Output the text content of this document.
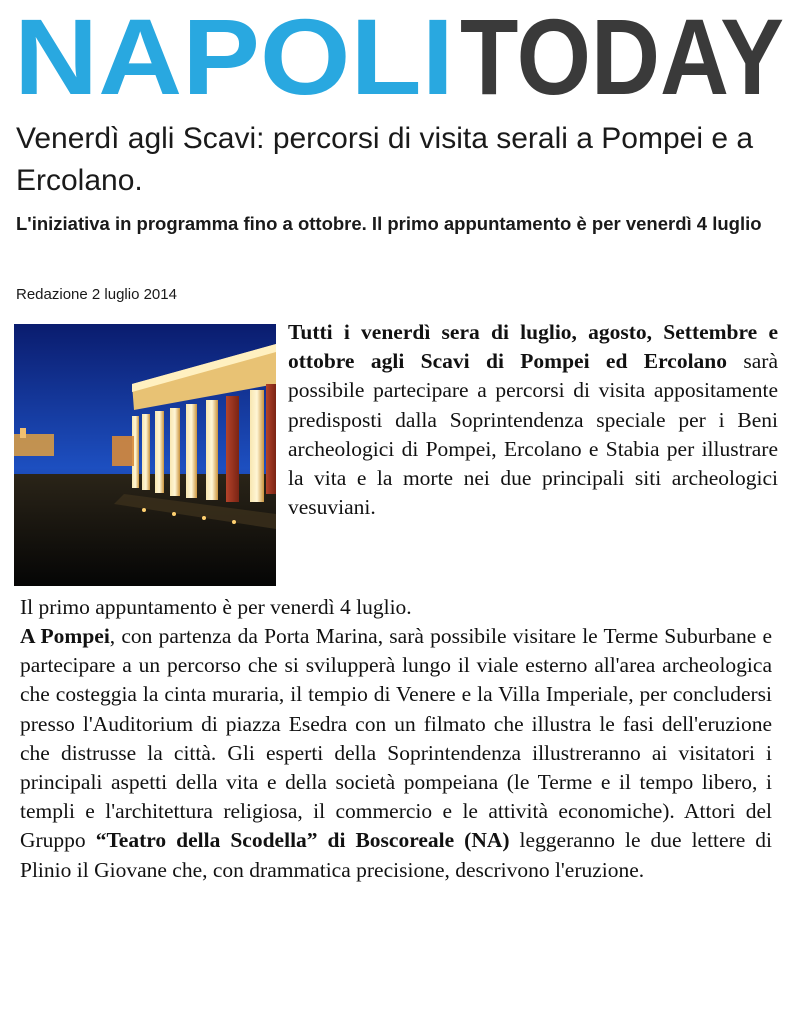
NAPOLI TODAY
Venerdì agli Scavi: percorsi di visita serali a Pompei e a Ercolano.
L'iniziativa in programma fino a ottobre. Il primo appuntamento è per venerdì 4 luglio
Redazione 2 luglio 2014

Tutti i venerdì sera di luglio, agosto, Settembre e ottobre agli Scavi di Pompei ed Ercolano sarà possibile partecipare a percorsi di visita appositamente predisposti dalla Soprintendenza speciale per i Beni archeologici di Pompei, Ercolano e Stabia per illustrare la vita e la morte nei due principali siti archeologici vesuviani.

Il primo appuntamento è per venerdì 4 luglio.

A Pompei, con partenza da Porta Marina, sarà possibile visitare le Terme Suburbane e partecipare a un percorso che si svilupperà lungo il viale esterno all'area archeologica che costeggia la cinta muraria, il tempio di Venere e la Villa Imperiale, per concludersi presso l'Auditorium di piazza Esedra con un filmato che illustra le fasi dell'eruzione che distrusse la città. Gli esperti della Soprintendenza illustreranno ai visitatori i principali aspetti della vita e della società pompeiana (le Terme e il tempo libero, i templi e l'architettura religiosa, il commercio e le attività economiche). Attori del Gruppo “Teatro della Scodella” di Boscoreale (NA) leggeranno le due lettere di Plinio il Giovane che, con drammatica precisione, descrivono l'eruzione.
